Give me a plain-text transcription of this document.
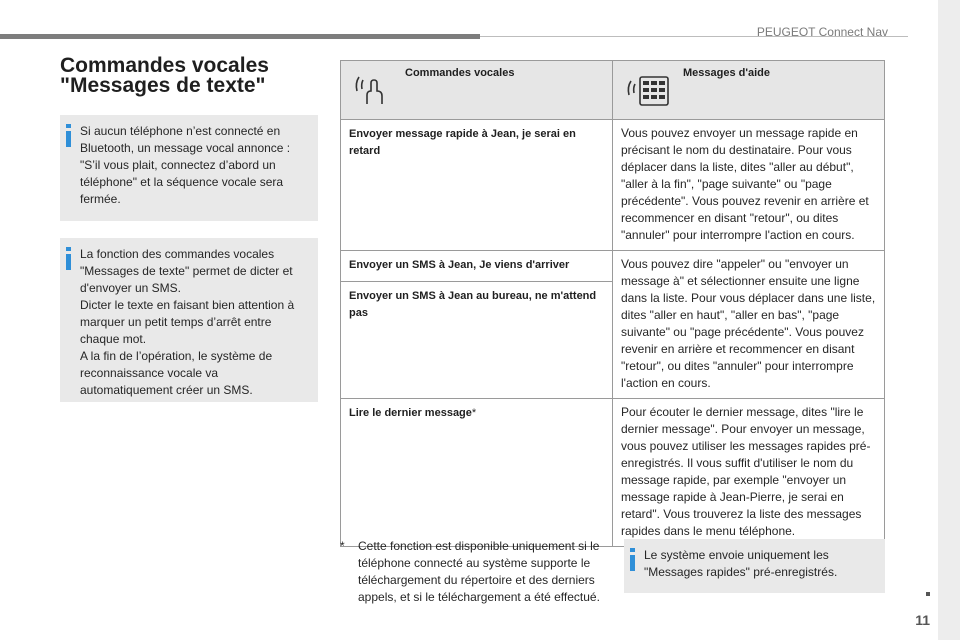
PEUGEOT Connect Nav
Commandes vocales
"Messages de texte"
Si aucun téléphone n’est connecté en Bluetooth, un message vocal annonce : "S’il vous plait, connectez d’abord un téléphone" et la séquence vocale sera fermée.
La fonction des commandes vocales "Messages de texte" permet de dicter et d'envoyer un SMS.
Dicter le texte en faisant bien attention à marquer un petit temps d’arrêt entre chaque mot.
A la fin de l’opération, le système de reconnaissance vocale va automatiquement créer un SMS.
Commandes vocales	Messages d'aide

Envoyer message rapide à Jean, je serai en retard	Vous pouvez envoyer un message rapide en précisant le nom du destinataire. Pour vous déplacer dans la liste, dites "aller au début", "aller à la fin", "page suivante" ou "page précédente". Vous pouvez revenir en arrière et recommencer en disant "retour", ou dites "annuler" pour interrompre l'action en cours.

Envoyer un SMS à Jean, Je viens d'arriver
Envoyer un SMS à Jean au bureau, ne m'attend pas	Vous pouvez dire "appeler" ou "envoyer un message à" et sélectionner ensuite une ligne dans la liste. Pour vous déplacer dans une liste, dites "aller en haut", "aller en bas", "page suivante" ou "page précédente". Vous pouvez revenir en arrière et recommencer en disant "retour", ou dites "annuler" pour interrompre l'action en cours.
Lire le dernier message*	Pour écouter le dernier message, dites "lire le dernier message". Pour envoyer un message, vous pouvez utiliser les messages rapides pré-enregistrés. Il vous suffit d'utiliser le nom du message rapide, par exemple "envoyer un message rapide à Jean-Pierre, je serai en retard". Vous trouverez la liste des messages rapides dans le menu téléphone.
* Cette fonction est disponible uniquement si le téléphone connecté au système supporte le téléchargement du répertoire et des derniers appels, et si le téléchargement a été effectué.
Le système envoie uniquement les "Messages rapides" pré-enregistrés.
11
